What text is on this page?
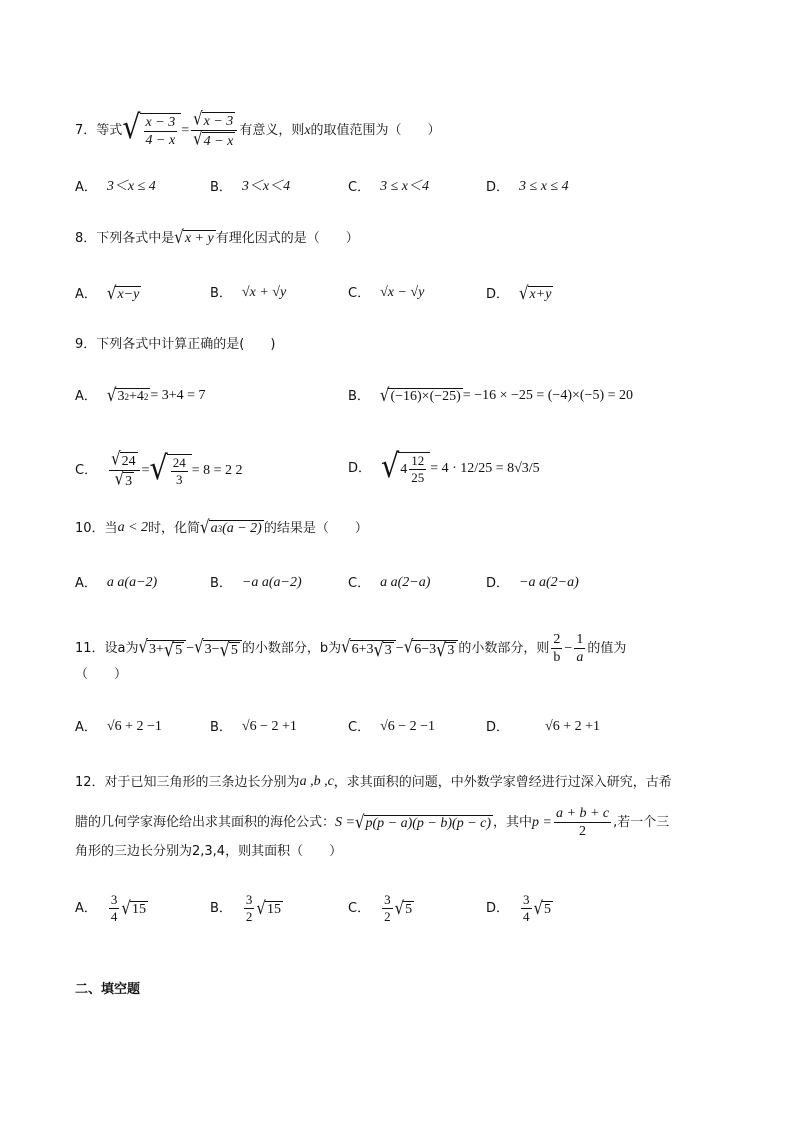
7． 等式 √ $\frac{x - 3}{4 - x} = \frac{√ x - 3}{√ 4 - x}$ 有意义，则 x 的取值范围为（　　）
A． 3＜x ≤ 4	B． 3＜x＜4	C． 3 ≤ x＜4	D． 3 ≤ x ≤ 4
8． 下列各式中是 √ x + y 有理化因式的是（　　）
A． √ x−y	B． √x + √y	C． √x − √y	D． √ x+y
9． 下列各式中计算正确的是(　　)
A． √ 3 2 +4 2 = 3+4 = 7	B． √ (−16)×(−25) = −16 × −25 = (−4)×(−5) = 20
C． $\frac{√ 24}{√ 3}$ = √ $\frac{24}{3} = 8 = 2$ 2	D． √ $4 \frac{12}{25} = 4 \cdot 12/25 = 8√3/5$
10． 当 a < 2 时，化简 √ a 3 (a − 2) 的结果是（　　）
A． a a(a−2)	B． −a a(a−2)	C． a a(2−a)	D． −a a(2−a)
11． 设a为 √ 3+ √ 5 − √ 3− √ 5 的小数部分，b为 √ 6+3 √ 3 − √ 6−3 √ 3 的小数部分，则 $\frac{2}{b} - \frac{1}{a}$ 的值为
（　　）
A． √ 6 + 2 −1	B． √ 6 − 2 +1	C． √ 6 − 2 −1	D．	√ 6 + 2 +1
12． 对于已知三角形的三条边长分别为 a ,b ,c ，求其面积的问题，中外数学家曾经进行过深入研究，古希
腊的几何学家海伦给出求其面积的海伦公式： S = √ p(p − a)(p − b)(p − c) ，其中 $p = \frac{a + b + c}{2}$ ,若一个三
角形的三边长分别为2,3,4，则其面积（　　）
A． $\frac{3}{4}$ √ 15	B． $\frac{3}{2}$ √ 15	C． $\frac{3}{2}$ √ 5	D． $\frac{3}{4}$ √ 5
二、填空题
